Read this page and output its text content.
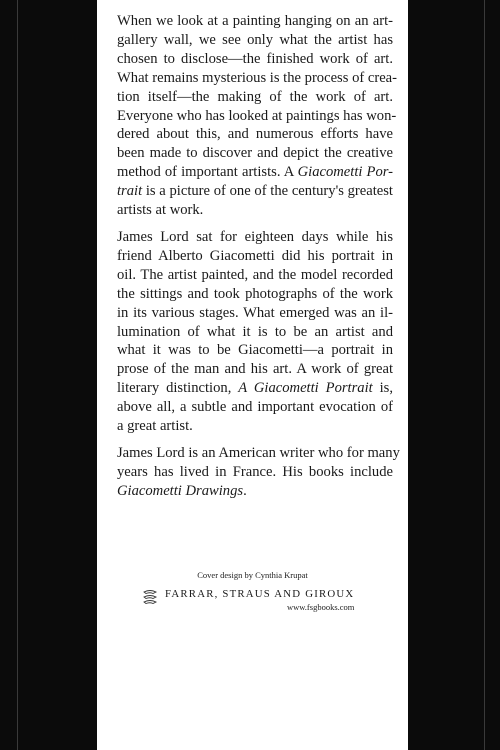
When we look at a painting hanging on an art-
gallery wall, we see only what the artist has
chosen to disclose—the finished work of art.
What remains mysterious is the process of crea-
tion itself—the making of the work of art.
Everyone who has looked at paintings has won-
dered about this, and numerous efforts have
been made to discover and depict the creative
method of important artists. A Giacometti Por-
trait is a picture of one of the century's greatest
artists at work.
James Lord sat for eighteen days while his
friend Alberto Giacometti did his portrait in
oil. The artist painted, and the model recorded
the sittings and took photographs of the work
in its various stages. What emerged was an il-
lumination of what it is to be an artist and
what it was to be Giacometti—a portrait in
prose of the man and his art. A work of great
literary distinction, A Giacometti Portrait is,
above all, a subtle and important evocation of
a great artist.
James Lord is an American writer who for many
years has lived in France. His books include
Giacometti Drawings.
Cover design by Cynthia Krupat
FARRAR, STRAUS AND GIROUX
www.fsgbooks.com
